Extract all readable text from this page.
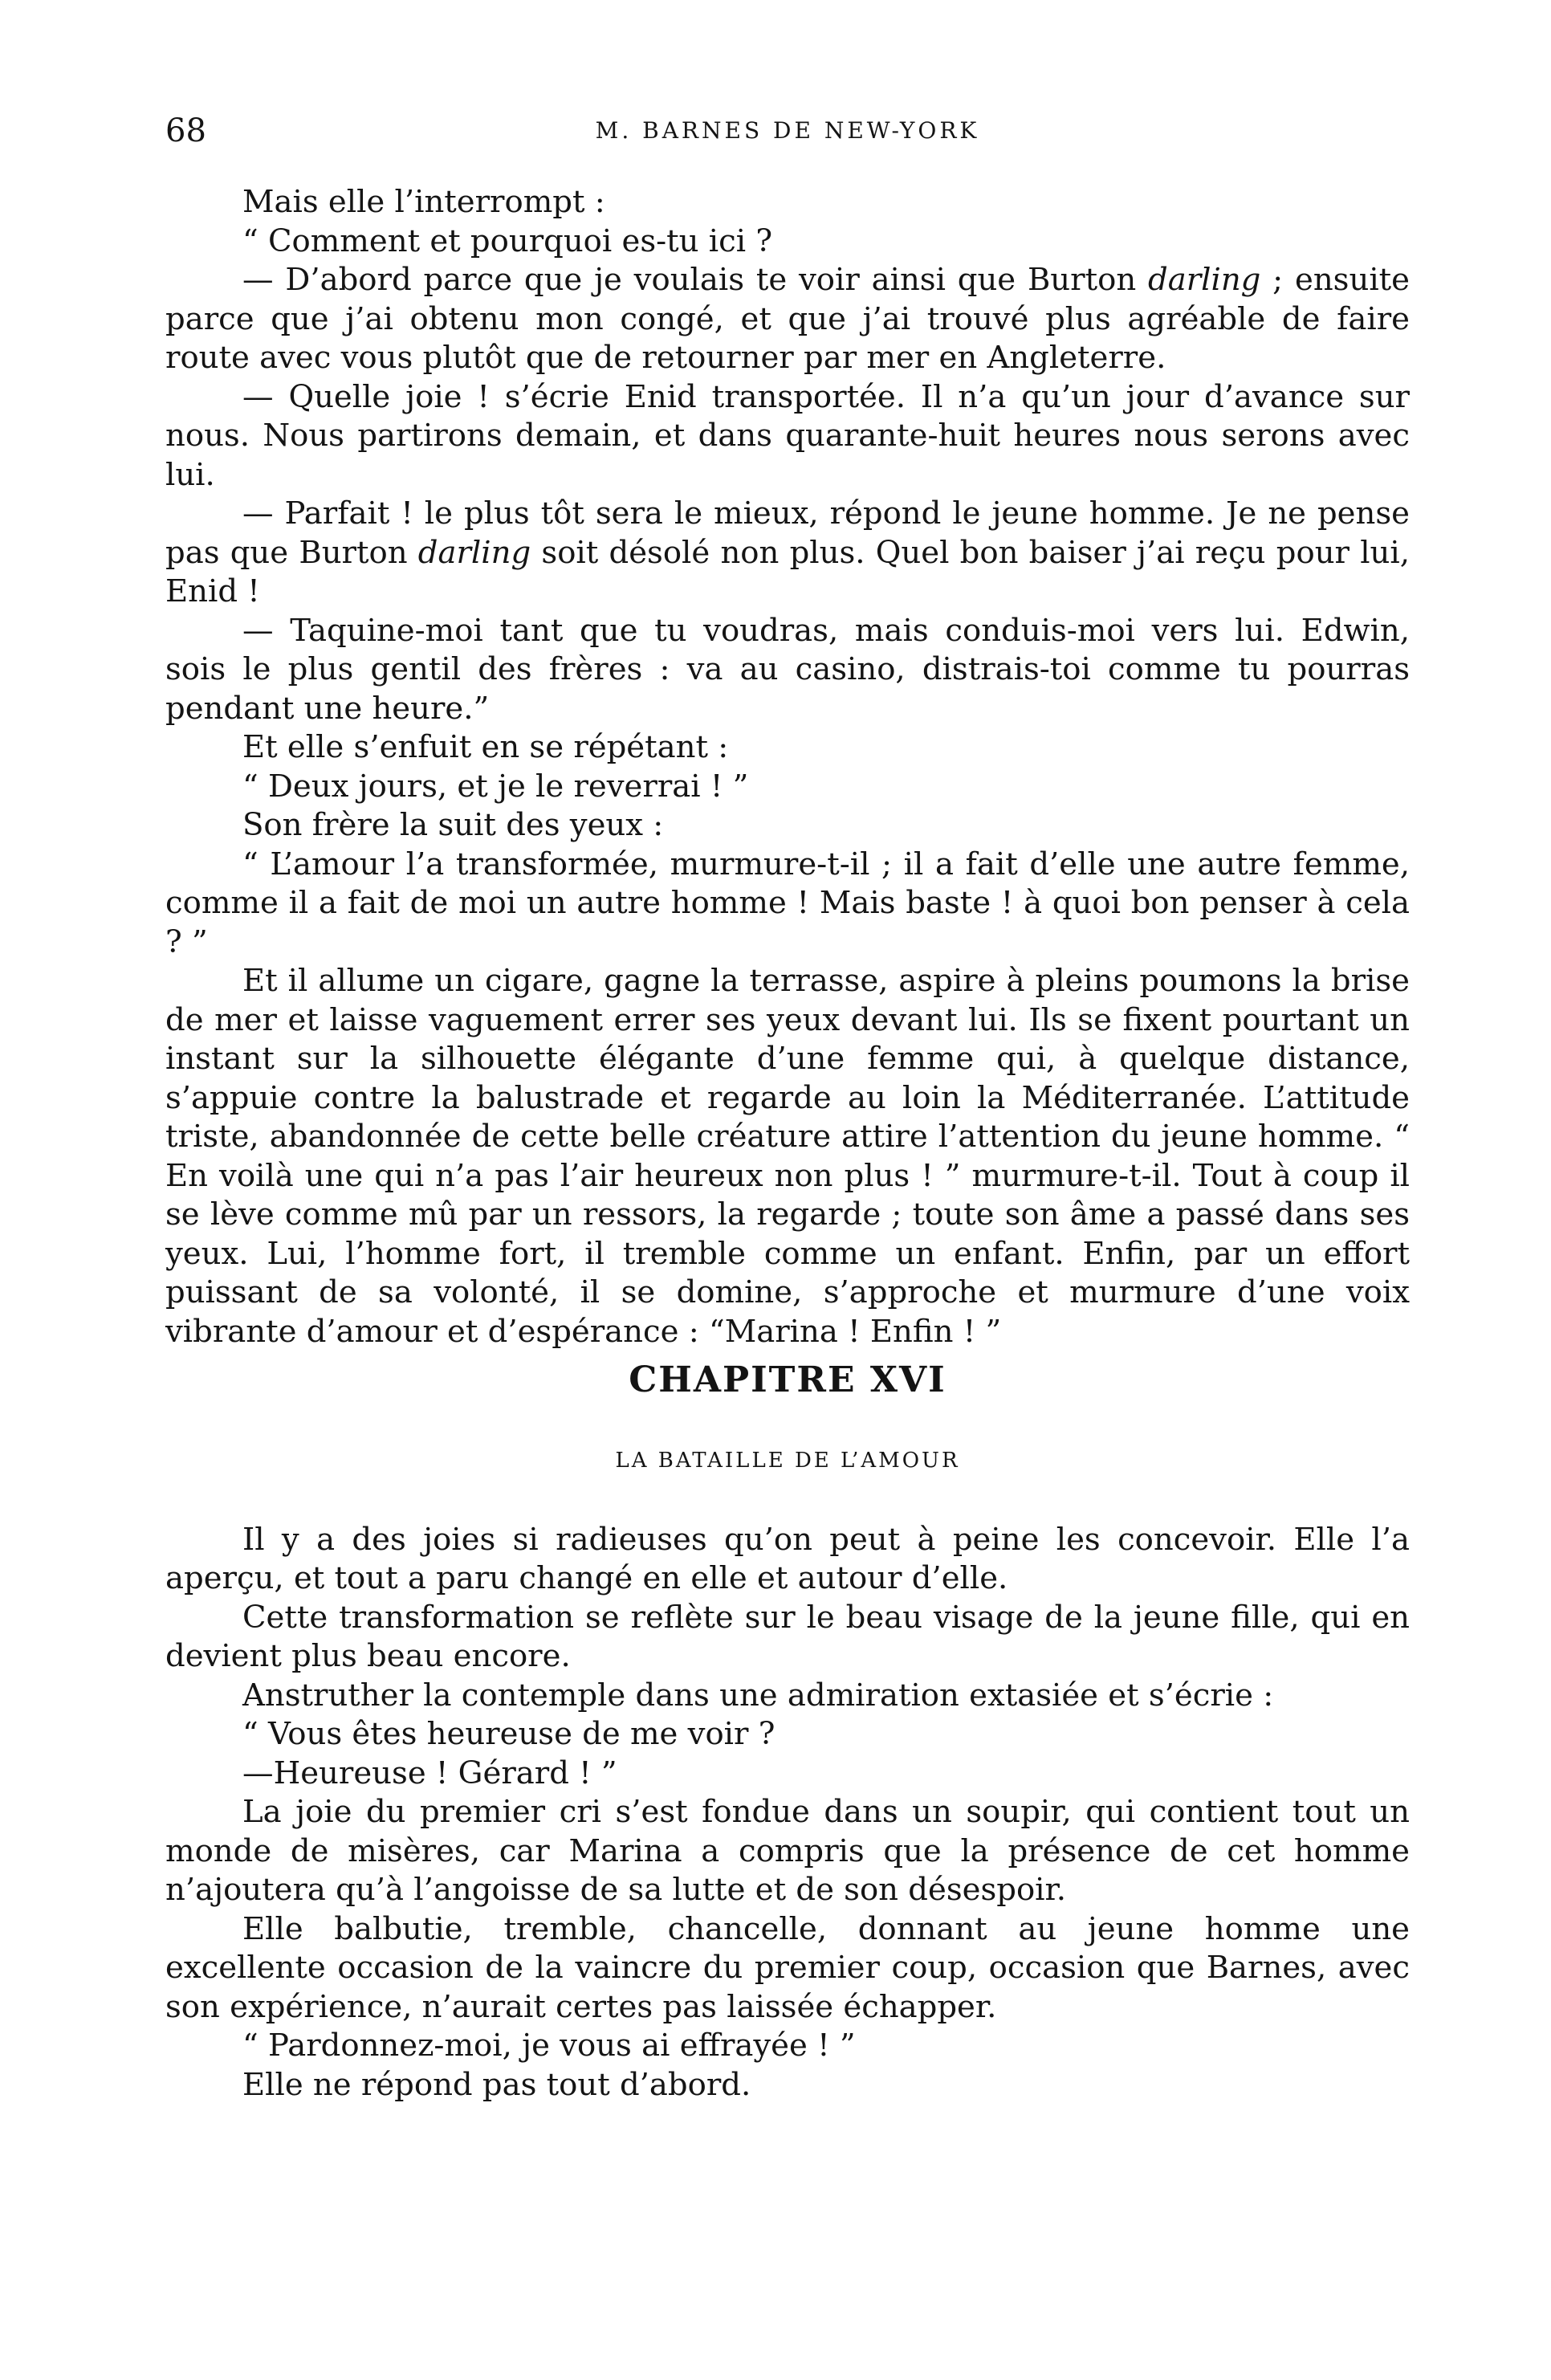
68	M. BARNES DE NEW-YORK

Mais elle l’interrompt :

“ Comment et pourquoi es-tu ici ?

— D’abord parce que je voulais te voir ainsi que Burton darling ; ensuite parce que j’ai obtenu mon congé, et que j’ai trouvé plus agréable de faire route avec vous plutôt que de retourner par mer en Angleterre.

— Quelle joie ! s’écrie Enid transportée. Il n’a qu’un jour d’avance sur nous. Nous partirons demain, et dans quarante-huit heures nous serons avec lui.

— Parfait ! le plus tôt sera le mieux, répond le jeune homme. Je ne pense pas que Burton darling soit désolé non plus. Quel bon baiser j’ai reçu pour lui, Enid !

— Taquine-moi tant que tu voudras, mais conduis-moi vers lui. Edwin, sois le plus gentil des frères : va au casino, distrais-toi comme tu pourras pendant une heure.”

Et elle s’enfuit en se répétant :

“ Deux jours, et je le reverrai ! ”

Son frère la suit des yeux :

“ L’amour l’a transformée, murmure-t-il ; il a fait d’elle une autre femme, comme il a fait de moi un autre homme ! Mais baste ! à quoi bon penser à cela ? ”

Et il allume un cigare, gagne la terrasse, aspire à pleins poumons la brise de mer et laisse vaguement errer ses yeux devant lui. Ils se fixent pourtant un instant sur la silhouette élégante d’une femme qui, à quelque distance, s’appuie contre la balustrade et regarde au loin la Méditerranée. L’attitude triste, abandonnée de cette belle créature attire l’attention du jeune homme. “ En voilà une qui n’a pas l’air heureux non plus ! ” murmure-t-il. Tout à coup il se lève comme mû par un ressors, la regarde ; toute son âme a passé dans ses yeux. Lui, l’homme fort, il tremble comme un enfant. Enfin, par un effort puissant de sa volonté, il se domine, s’approche et murmure d’une voix vibrante d’amour et d’espérance : “Marina ! Enfin ! ”

CHAPITRE XVI
LA BATAILLE DE L’AMOUR

Il y a des joies si radieuses qu’on peut à peine les concevoir. Elle l’a aperçu, et tout a paru changé en elle et autour d’elle.

Cette transformation se reflète sur le beau visage de la jeune fille, qui en devient plus beau encore.

Anstruther la contemple dans une admiration extasiée et s’écrie :

“ Vous êtes heureuse de me voir ?

—Heureuse ! Gérard ! ”

La joie du premier cri s’est fondue dans un soupir, qui contient tout un monde de misères, car Marina a compris que la présence de cet homme n’ajoutera qu’à l’angoisse de sa lutte et de son désespoir.

Elle balbutie, tremble, chancelle, donnant au jeune homme une excellente occasion de la vaincre du premier coup, occasion que Barnes, avec son expérience, n’aurait certes pas laissée échapper.

“ Pardonnez-moi, je vous ai effrayée ! ”

Elle ne répond pas tout d’abord.
